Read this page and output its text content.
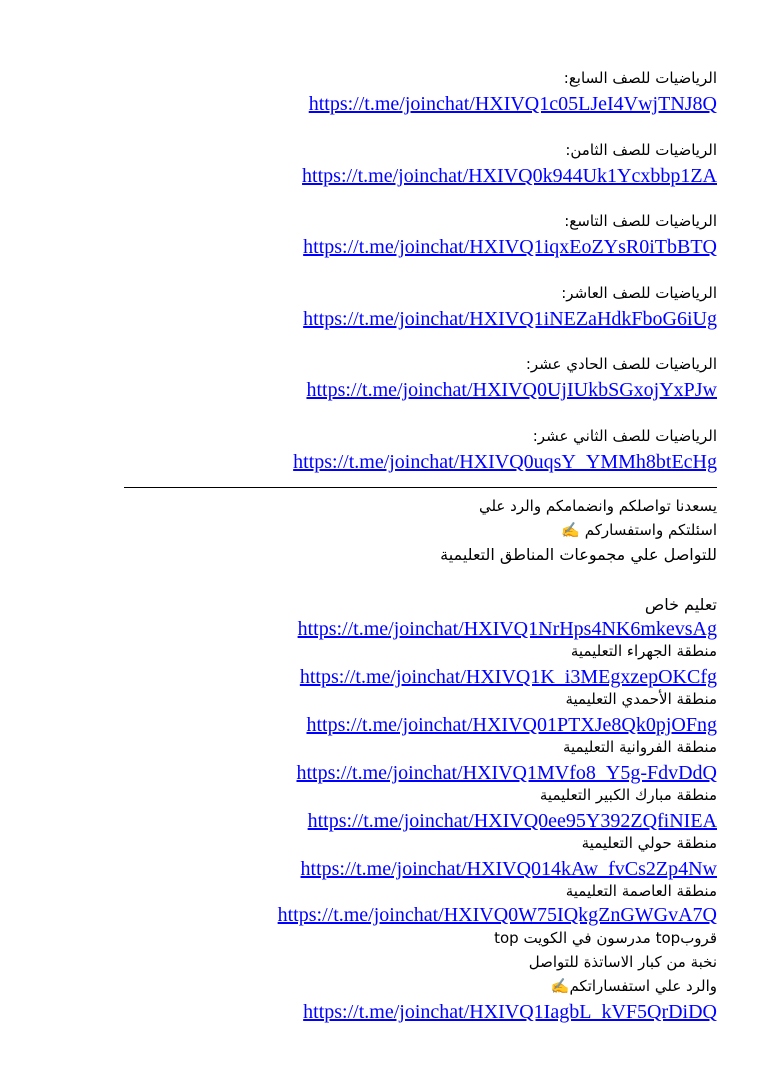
الرياضيات للصف السابع:
https://t.me/joinchat/HXIVQ1c05LJeI4VwjTNJ8Q
الرياضيات للصف الثامن:
https://t.me/joinchat/HXIVQ0k944Uk1Ycxbbp1ZA
الرياضيات للصف التاسع:
https://t.me/joinchat/HXIVQ1iqxEoZYsR0iTbBTQ
الرياضيات للصف العاشر:
https://t.me/joinchat/HXIVQ1iNEZaHdkFboG6iUg
الرياضيات للصف الحادي عشر:
https://t.me/joinchat/HXIVQ0UjIUkbSGxojYxPJw
الرياضيات للصف الثاني عشر:
https://t.me/joinchat/HXIVQ0uqsY_YMMh8btEcHg
يسعدنا تواصلكم وانضمامكم والرد علي
اسئلتكم واستفساركم ✍️
للتواصل علي مجموعات المناطق التعليمية
تعليم خاص
https://t.me/joinchat/HXIVQ1NrHps4NK6mkevsAg
منطقة الجهراء التعليمية
https://t.me/joinchat/HXIVQ1K_i3MEgxzepOKCfg
منطقة الأحمدي التعليمية
https://t.me/joinchat/HXIVQ01PTXJe8Qk0pjOFng
منطقة الفروانية التعليمية
https://t.me/joinchat/HXIVQ1MVfo8_Y5g-FdvDdQ
منطقة مبارك الكبير التعليمية
https://t.me/joinchat/HXIVQ0ee95Y392ZQfiNIEA
منطقة حولي التعليمية
https://t.me/joinchat/HXIVQ014kAw_fvCs2Zp4Nw
منطقة العاصمة التعليمية
https://t.me/joinchat/HXIVQ0W75IQkgZnGWGvA7Q
قروبtop مدرسون في الكويت top
نخبة من كبار الاساتذة للتواصل
والرد علي استفساراتكم✍️
https://t.me/joinchat/HXIVQ1IagbL_kVF5QrDiDQ
